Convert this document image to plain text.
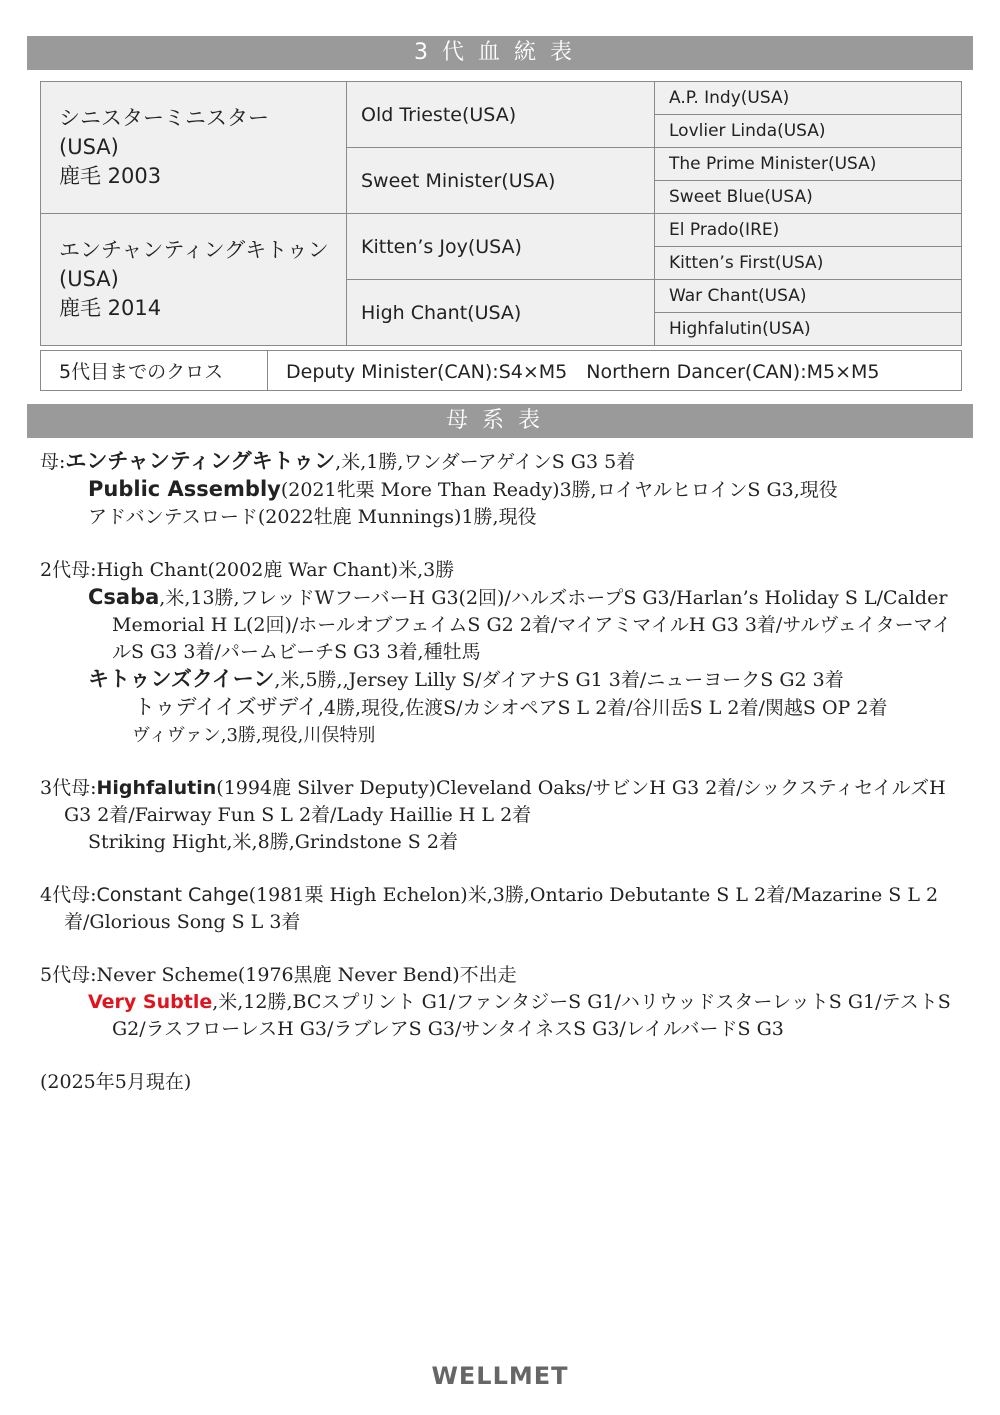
3代血統表
シニスターミニスター
(USA)
鹿毛 2003	Old Trieste(USA)	A.P. Indy(USA)
		Lovlier Linda(USA)
	Sweet Minister(USA)	The Prime Minister(USA)
		Sweet Blue(USA)

エンチャンティングキトゥン
(USA)
鹿毛 2014	Kitten’s Joy(USA)	El Prado(IRE)
		Kitten’s First(USA)
	High Chant(USA)	War Chant(USA)
		Highfalutin(USA)
5代目までのクロス	Deputy Minister(CAN):S4×M5　Northern Dancer(CAN):M5×M5
母系表
母:エンチャンティングキトゥン,米,1勝,ワンダーアゲインS G3 5着
Public Assembly(2021牝栗 More Than Ready)3勝,ロイヤルヒロインS G3,現役
アドバンテスロード(2022牡鹿 Munnings)1勝,現役
2代母:High Chant(2002鹿 War Chant)米,3勝
Csaba,米,13勝,フレッドWフーバーH G3(2回)/ハルズホープS G3/Harlan’s Holiday S L/Calder Memorial H L(2回)/ホールオブフェイムS G2 2着/マイアミマイルH G3 3着/サルヴェイターマイルS G3 3着/パームビーチS G3 3着,種牡馬
キトゥンズクイーン,米,5勝,,Jersey Lilly S/ダイアナS G1 3着/ニューヨークS G2 3着
トゥデイイズザデイ,4勝,現役,佐渡S/カシオペアS L 2着/谷川岳S L 2着/関越S OP 2着
ヴィヴァン,3勝,現役,川俣特別
3代母:Highfalutin(1994鹿 Silver Deputy)Cleveland Oaks/サビンH G3 2着/シックスティセイルズH G3 2着/Fairway Fun S L 2着/Lady Haillie H L 2着
Striking Hight,米,8勝,Grindstone S 2着
4代母:Constant Cahge(1981栗 High Echelon)米,3勝,Ontario Debutante S L 2着/Mazarine S L 2着/Glorious Song S L 3着
5代母:Never Scheme(1976黒鹿 Never Bend)不出走
Very Subtle,米,12勝,BCスプリント G1/ファンタジーS G1/ハリウッドスターレットS G1/テストS G2/ラスフローレスH G3/ラブレアS G3/サンタイネスS G3/レイルバードS G3
(2025年5月現在)
WELLMET
